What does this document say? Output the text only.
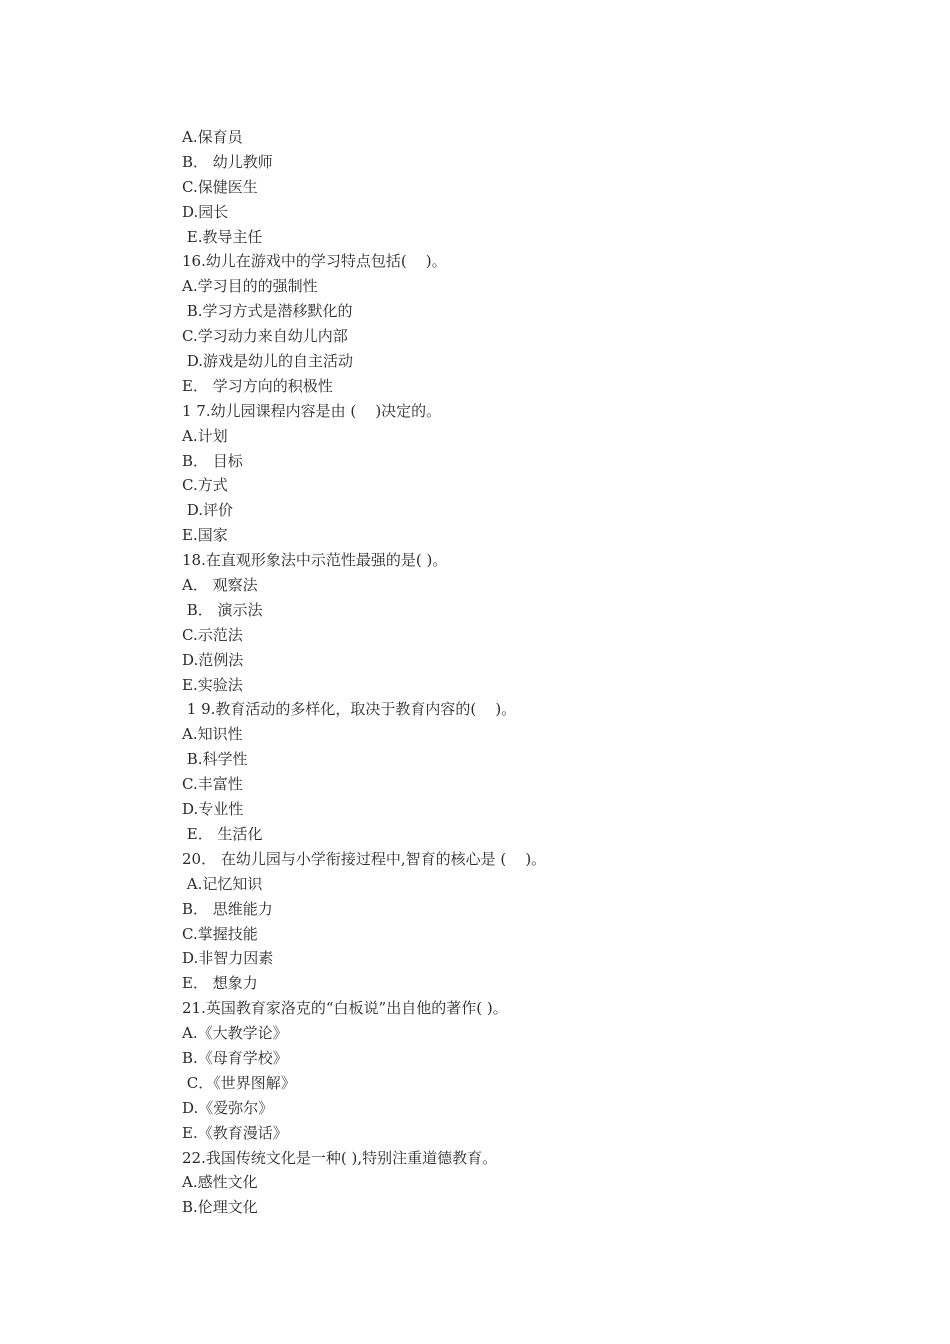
A.保育员
B． 幼儿教师
C.保健医生
D.园长
E.教导主任
16.幼儿在游戏中的学习特点包括(    )。
A.学习目的的强制性
B.学习方式是潜移默化的
C.学习动力来自幼儿内部
D.游戏是幼儿的自主活动
E． 学习方向的积极性
1 7.幼儿园课程内容是由 (    )决定的。
A.计划
B． 目标
C.方式
D.评价
E.国家
18.在直观形象法中示范性最强的是( )。
A． 观察法
B． 演示法
C.示范法
D.范例法
E.实验法
1 9.教育活动的多样化，取决于教育内容的(    )。
A.知识性
B.科学性
C.丰富性
D.专业性
E． 生活化
20． 在幼儿园与小学衔接过程中,智育的核心是 (    )。
A.记忆知识
B． 思维能力
C.掌握技能
D.非智力因素
E． 想象力
21.英国教育家洛克的“白板说”出自他的著作( )。
A.《大教学论》
B.《母育学校》
C．《世界图解》
D.《爱弥尔》
E.《教育漫话》
22.我国传统文化是一种( ),特别注重道德教育。
A.感性文化
B.伦理文化
